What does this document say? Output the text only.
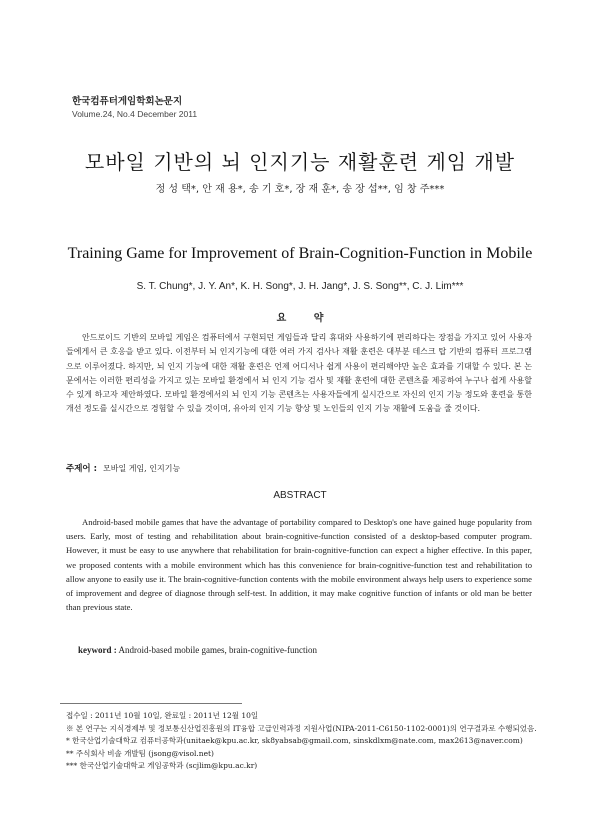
한국컴퓨터게임학회논문지
Volume.24, No.4 December 2011
모바일 기반의 뇌 인지기능 재활훈련 게임 개발
정 성 택*, 안 재 용*, 송 기 호*, 장 재 훈*, 송 장 섭**, 임 창 주***
Training Game for Improvement of Brain-Cognition-Function in Mobile
S. T. Chung*, J. Y. An*, K. H. Song*, J. H. Jang*, J. S. Song**, C. J. Lim***
요 약

안드로이드 기반의 모바일 게임은 컴퓨터에서 구현되던 게임들과 달리 휴대와 사용하기에 편리하다는 장점을 가지고 있어 사용자들에게서 큰 호응을 받고 있다. 이전부터 뇌 인지기능에 대한 여러 가지 검사나 재활 훈련은 대부분 데스크 탑 기반의 컴퓨터 프로그램으로 이루어졌다. 하지만, 뇌 인지 기능에 대한 재활 훈련은 언제 어디서나 쉽게 사용이 편리해야만 높은 효과를 기대할 수 있다. 본 논문에서는 이러한 편리성을 가지고 있는 모바일 환경에서 뇌 인지 기능 검사 및 재활 훈련에 대한 콘텐츠를 제공하여 누구나 쉽게 사용할 수 있게 하고자 제안하였다. 모바일 환경에서의 뇌 인지 기능 콘텐츠는 사용자들에게 실시간으로 자신의 인지 기능 정도와 훈련을 통한 개선 정도를 실시간으로 경험할 수 있을 것이며, 유아의 인지 기능 향상 및 노인들의 인지 기능 재활에 도움을 줄 것이다.

주제어 : 모바일 게임, 인지기능
ABSTRACT

Android-based mobile games that have the advantage of portability compared to Desktop's one have gained huge popularity from users. Early, most of testing and rehabilitation about brain-cognitive-function consisted of a desktop-based computer program. However, it must be easy to use anywhere that rehabilitation for brain-cognitive-function can expect a higher effective. In this paper, we proposed contents with a mobile environment which has this convenience for brain-cognitive-function test and rehabilitation to allow anyone to easily use it. The brain-cognitive-function contents with the mobile environment always help users to experience some of improvement and degree of diagnose through self-test. In addition, it may make cognitive function of infants or old man be better than previous state.

keyword : Android-based mobile games, brain-cognitive-function

접수일 : 2011년 10월 10일, 완료일 : 2011년 12월 10일

※ 본 연구는 지식경제부 및 정보통신산업진흥원의 IT융합 고급인력과정 지원사업(NIPA-2011-C6150-1102-0001)의 연구결과로 수행되었음.

* 한국산업기술대학교 컴퓨터공학과(unitaek@kpu.ac.kr, sk8yabsab@gmail.com, sinskdlxm@nate.com, max2613@naver.com)

** 주식회사 비솔 개발팀 (jsong@visol.net)

*** 한국산업기술대학교 게임공학과 (scjlim@kpu.ac.kr)
